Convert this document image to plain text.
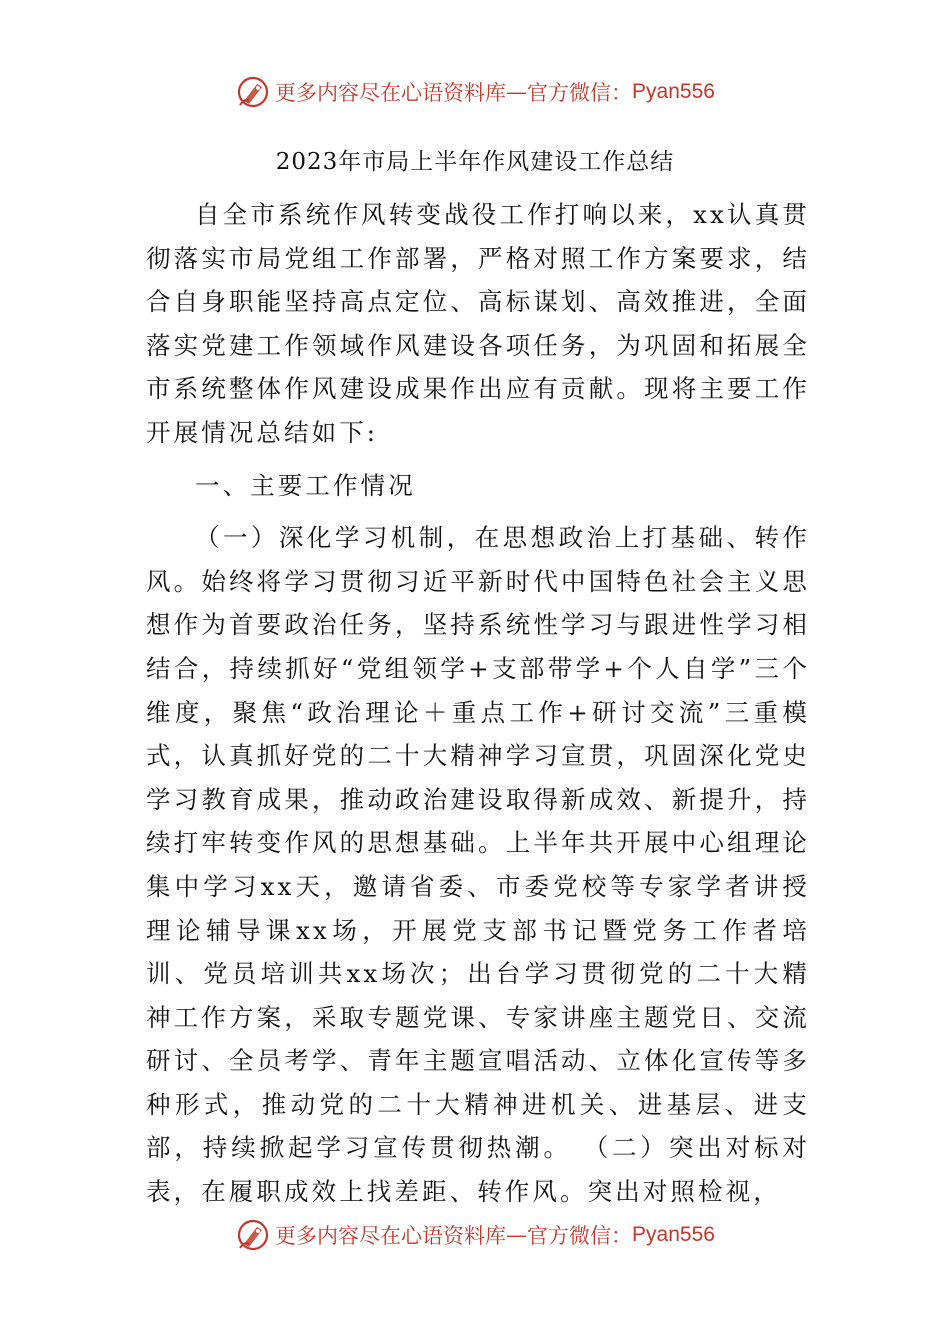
更多内容尽在心语资料库 — 官方微信： Pyan556
2023年市局上半年作风建设工作总结

自全市系统作风转变战役工作打响以来，xx认真贯彻落实市局党组工作部署，严格对照工作方案要求，结合自身职能坚持高点定位、高标谋划、高效推进，全面落实党建工作领域作风建设各项任务，为巩固和拓展全市系统整体作风建设成果作出应有贡献。现将主要工作开展情况总结如下:

一、主要工作情况

（一）深化学习机制，在思想政治上打基础、转作风。始终将学习贯彻习近平新时代中国特色社会主义思想作为首要政治任务，坚持系统性学习与跟进性学习相结合，持续抓好“党组领学+支部带学+个人自学”三个维度，聚焦“政治理论＋重点工作+研讨交流”三重模式，认真抓好党的二十大精神学习宣贯，巩固深化党史学习教育成果，推动政治建设取得新成效、新提升，持续打牢转变作风的思想基础。上半年共开展中心组理论集中学习xx天，邀请省委、市委党校等专家学者讲授理论辅导课xx场，开展党支部书记暨党务工作者培训、党员培训共xx场次；出台学习贯彻党的二十大精神工作方案，采取专题党课、专家讲座主题党日、交流研讨、全员考学、青年主题宣唱活动、立体化宣传等多种形式，推动党的二十大精神进机关、进基层、进支部，持续掀起学习宣传贯彻热潮。 （二）突出对标对表，在履职成效上找差距、转作风。突出对照检视，

更多内容尽在心语资料库 — 官方微信： Pyan556
